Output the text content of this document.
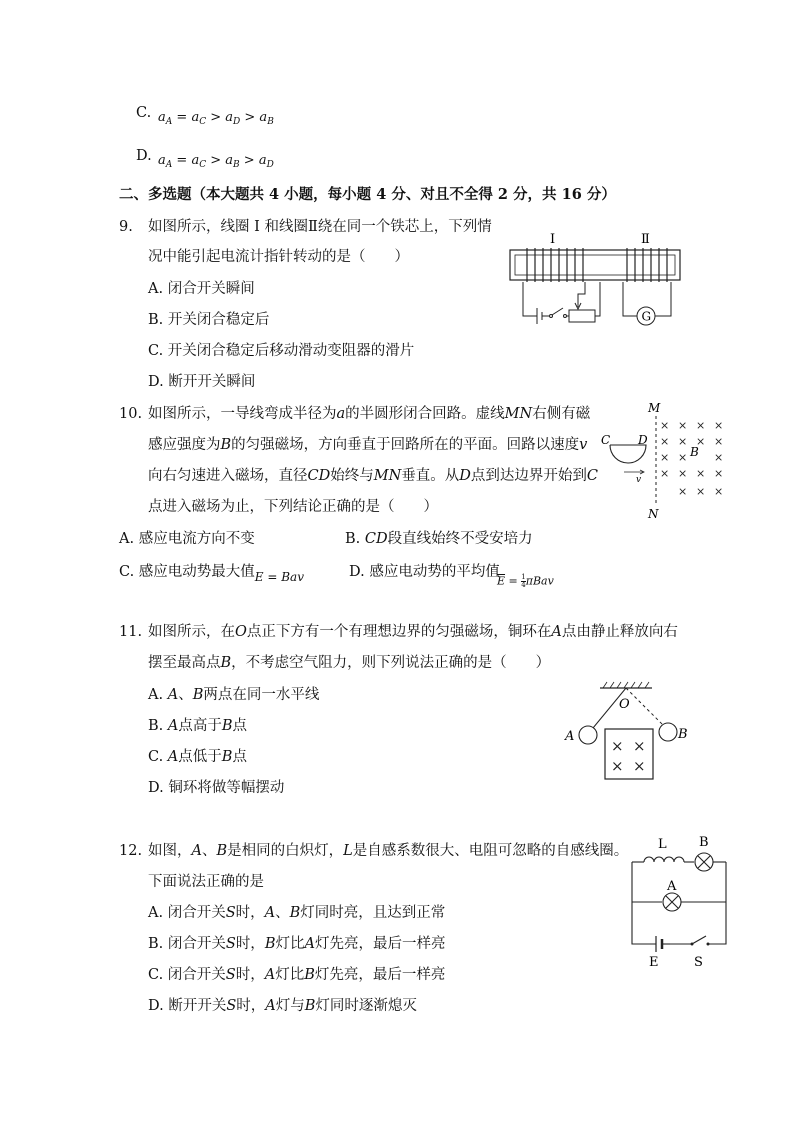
C. $a_A = a_C > a_D > a_B$
D. $a_A = a_C > a_B > a_D$
二、多选题（本大题共 4 小题，每小题 4 分、对且不全得 2 分，共 16 分）
9. 如图所示，线圈 I 和线圈Ⅱ绕在同一个铁芯上，下列情
况中能引起电流计指针转动的是（　　）
A. 闭合开关瞬间
B. 开关闭合稳定后
C. 开关闭合稳定后移动滑动变阻器的滑片
D. 断开开关瞬间
I	Ⅱ
G
10. 如图所示，一导线弯成半径为a的半圆形闭合回路。虚线MN右侧有磁
感应强度为B的匀强磁场，方向垂直于回路所在的平面。回路以速度v
向右匀速进入磁场，直径CD始终与MN垂直。从D点到达边界开始到C
点进入磁场为止，下列结论正确的是（　　）
A. 感应电流方向不变	B. CD段直线始终不受安培力
C. 感应电动势最大值$_{E = Bav}$	D. 感应电动势的平均值
$\overline{E} = \frac{1}{4}$ πBav
M
N
C D
v
× × × ×
× × × ×
× × ×
× × × ×
× × ×
B
11. 如图所示，在O点正下方有一个有理想边界的匀强磁场，铜环在A点由静止释放向右
摆至最高点B，不考虑空气阻力，则下列说法正确的是（　　）
A. A、B两点在同一水平线
B. A点高于B点
C. A点低于B点
D. 铜环将做等幅摆动
O
A	B
× ×
× ×
12. 如图，A、B是相同的白炽灯，L是自感系数很大、电阻可忽略的自感线圈。
下面说法正确的是
A. 闭合开关S时，A、B灯同时亮，且达到正常
B. 闭合开关S时，B灯比A灯先亮，最后一样亮
C. 闭合开关S时，A灯比B灯先亮，最后一样亮
D. 断开开关S时，A灯与B灯同时逐渐熄灭
L B
A
E	S
